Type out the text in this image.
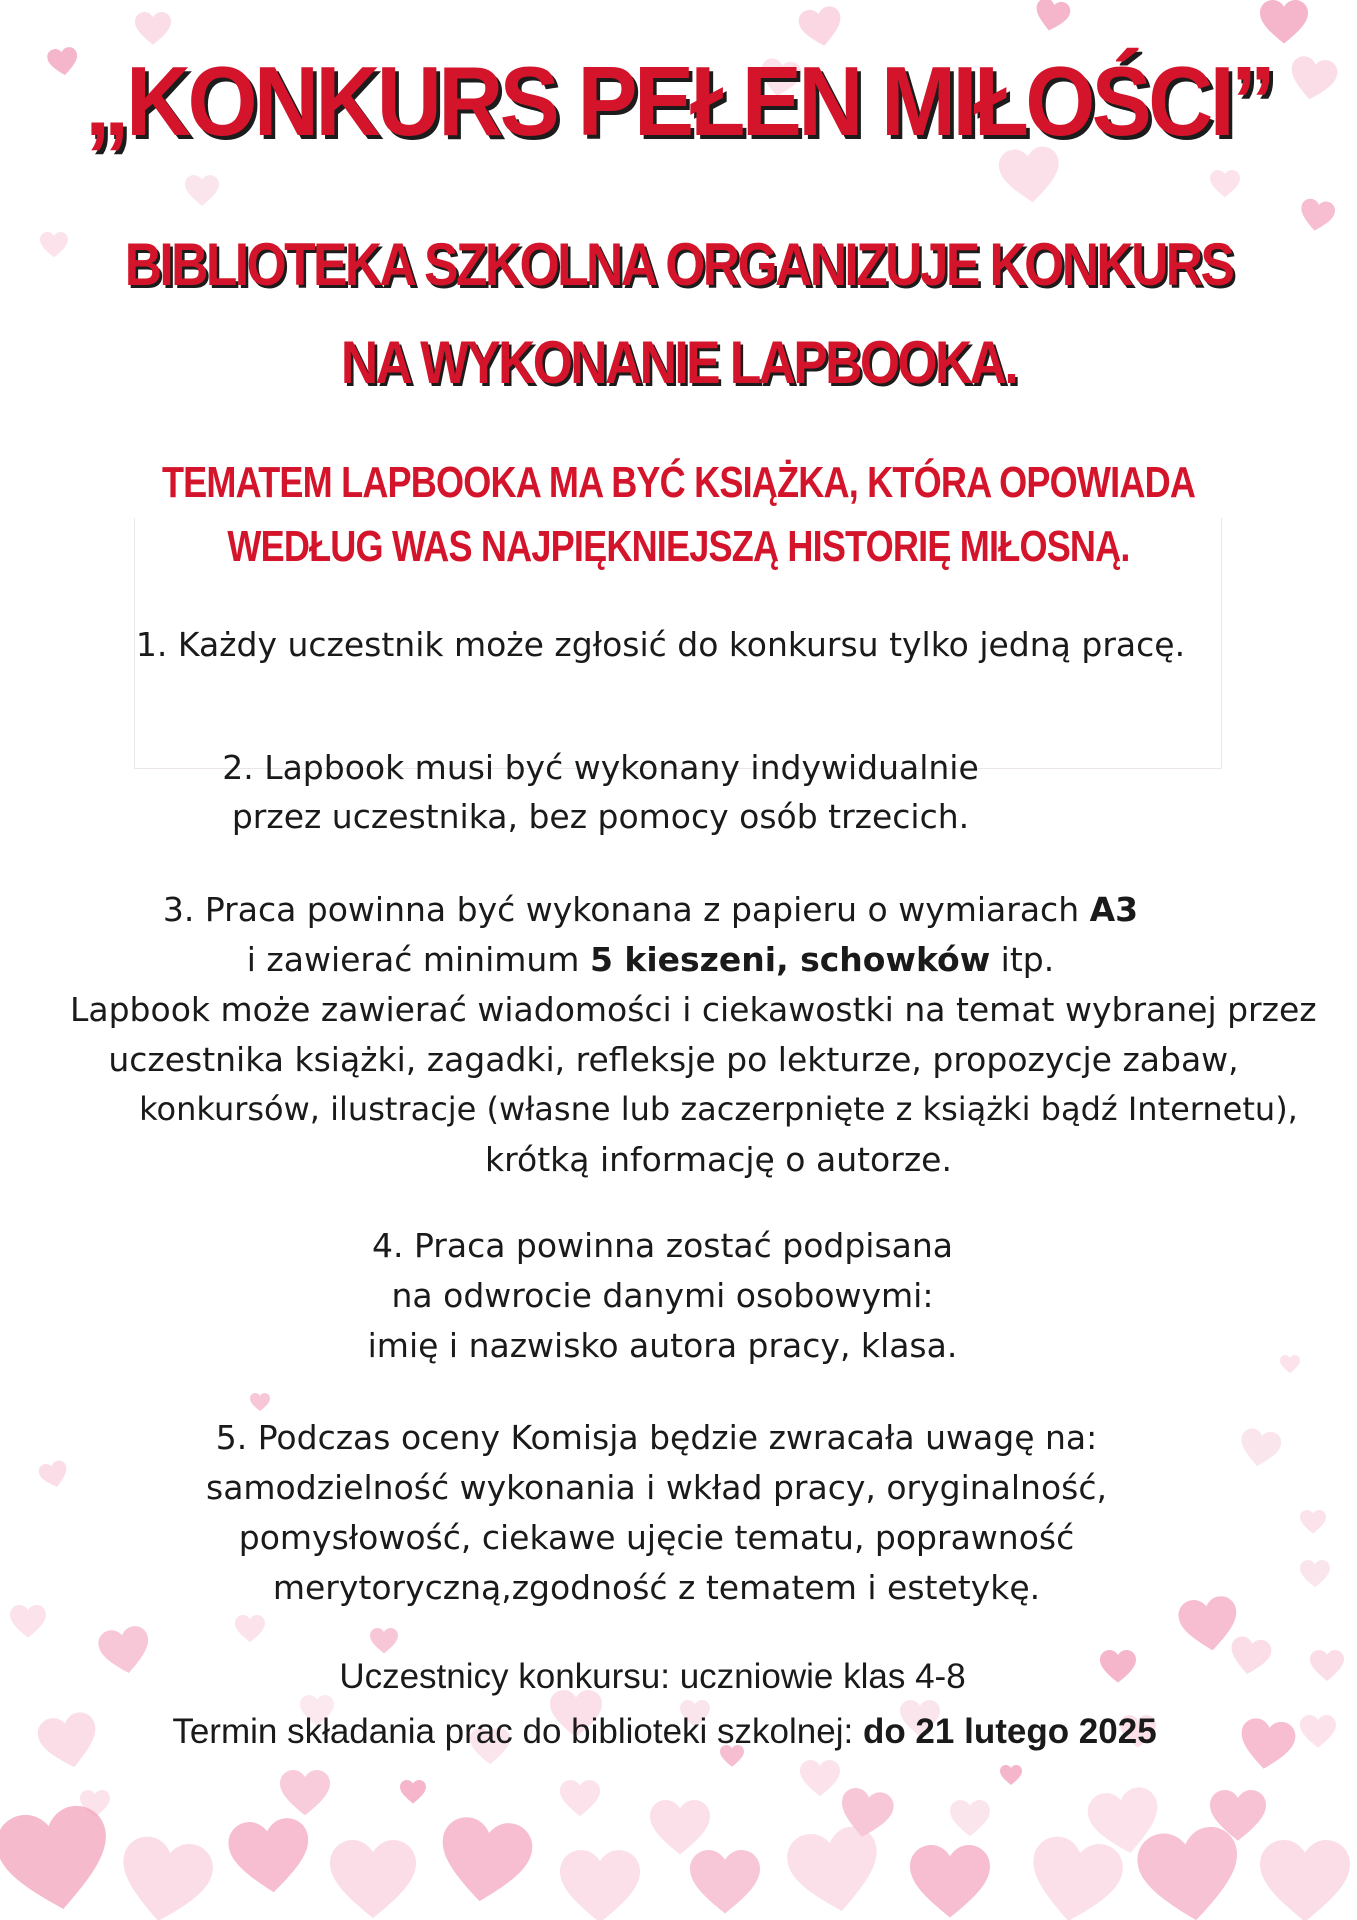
„KONKURS PEŁEN MIŁOŚCI”
BIBLIOTEKA SZKOLNA ORGANIZUJE KONKURS
NA WYKONANIE LAPBOOKA.
TEMATEM LAPBOOKA MA BYĆ KSIĄŻKA, KTÓRA OPOWIADA
WEDŁUG WAS NAJPIĘKNIEJSZĄ HISTORIĘ MIŁOSNĄ.
1. Każdy uczestnik może zgłosić do konkursu tylko jedną pracę.
2. Lapbook musi być wykonany indywidualnie
przez uczestnika, bez pomocy osób trzecich.
3. Praca powinna być wykonana z papieru o wymiarach A3
i zawierać minimum 5 kieszeni, schowków itp.
Lapbook może zawierać wiadomości i ciekawostki na temat wybranej przez
uczestnika książki, zagadki, refleksje po lekturze, propozycje zabaw,
konkursów, ilustracje (własne lub zaczerpnięte z książki bądź Internetu),
krótką informację o autorze.
4. Praca powinna zostać podpisana
na odwrocie danymi osobowymi:
imię i nazwisko autora pracy, klasa.
5. Podczas oceny Komisja będzie zwracała uwagę na:
samodzielność wykonania i wkład pracy, oryginalność,
pomysłowość, ciekawe ujęcie tematu, poprawność
merytoryczną,zgodność z tematem i estetykę.
Uczestnicy konkursu: uczniowie klas 4-8
Termin składania prac do biblioteki szkolnej: do 21 lutego 2025
